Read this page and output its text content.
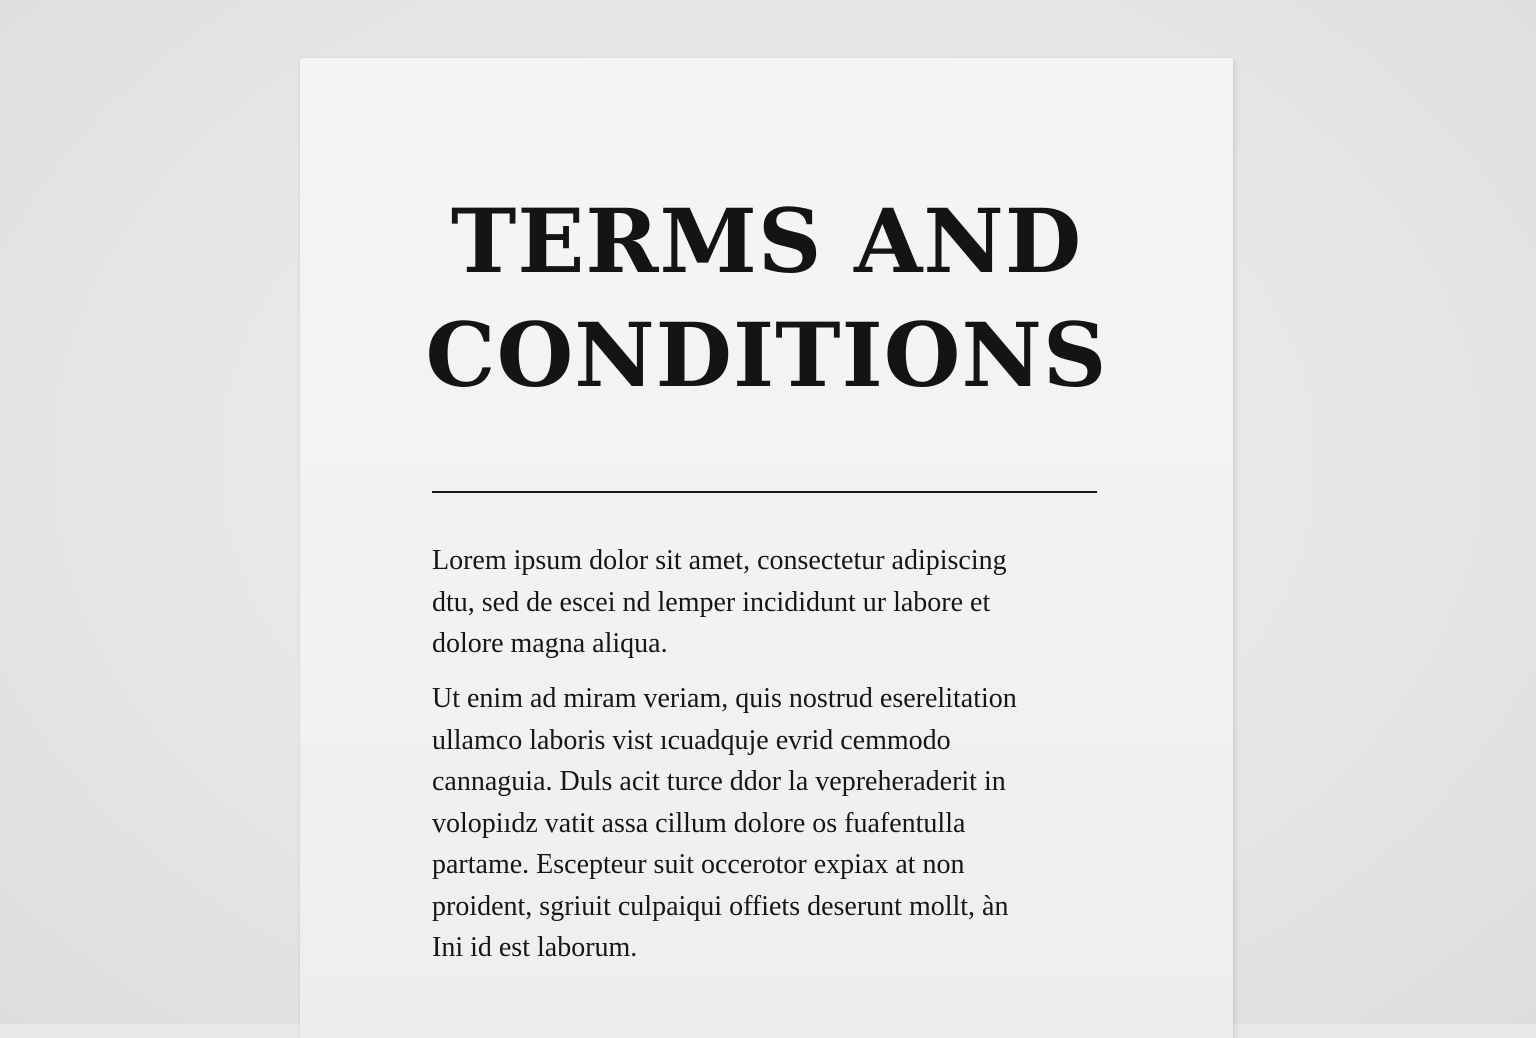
TERMS AND
CONDITIONS

Lorem ipsum dolor sit amet, consectetur adipiscing
dtu, sed de escei nd lemper incididunt ur labore et
dolore magna aliqua.

Ut enim ad miram veriam, quis nostrud eserelitation
ullamco laboris vist ıcuadquje evrid cemmodo
cannaguia. Duls acit turce ddor la vepreheraderit in
volopiıdz vatit assa cillum dolore os fuafentulla
partame. Escepteur suit occerotor expiax at non
proident, sgriuit culpaiqui offiets deserunt mollt, àn
Ini id est laborum.
